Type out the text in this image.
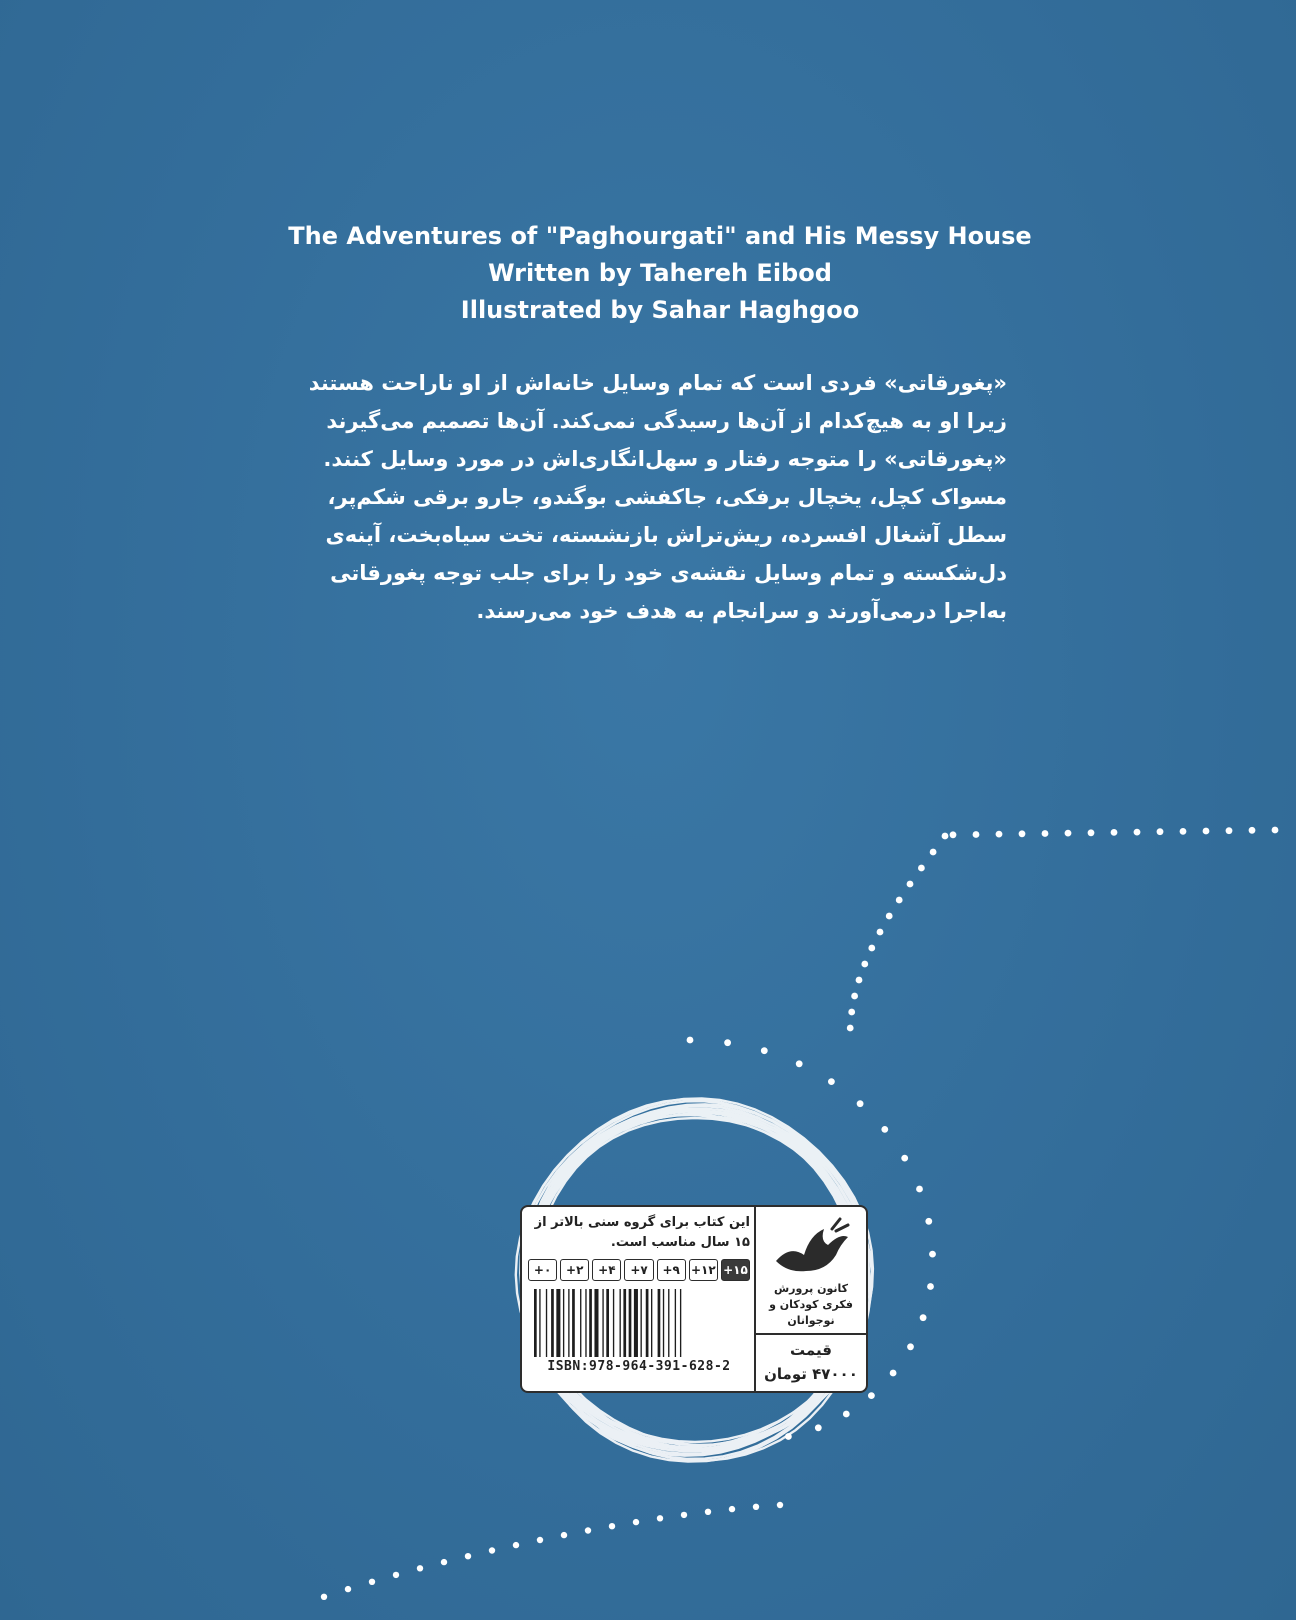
The Adventures of "Paghourgati" and His Messy House
Written by Tahereh Eibod
Illustrated by Sahar Haghgoo
«پغورقاتی» فردی است که تمام وسایل خانه‌اش از او ناراحت هستند
زیرا او به هیچ‌کدام از آن‌ها رسیدگی نمی‌کند. آن‌ها تصمیم می‌گیرند
«پغورقاتی» را متوجه رفتار و سهل‌انگاری‌اش در مورد وسایل کنند.
مسواک کچل، یخچال برفکی، جاکفشی بوگندو، جارو برقی شکم‌پر،
سطل آشغال افسرده، ریش‌تراش بازنشسته، تخت سیاه‌بخت، آینه‌ی
دل‌شکسته و تمام وسایل نقشه‌ی خود را برای جلب توجه پغورقاتی
به‌اجرا درمی‌آورند و سرانجام به هدف خود می‌رسند.
این کتاب برای گروه سنی بالاتر از ۱۵ سال مناسب است.
+۱۵
+۱۲
+۹
+۷
+۴
+۲
+۰
ISBN:978-964-391-628-2
کانون پرورش فکری کودکان و نوجوانان
قیمت
۴۷۰۰۰ تومان
